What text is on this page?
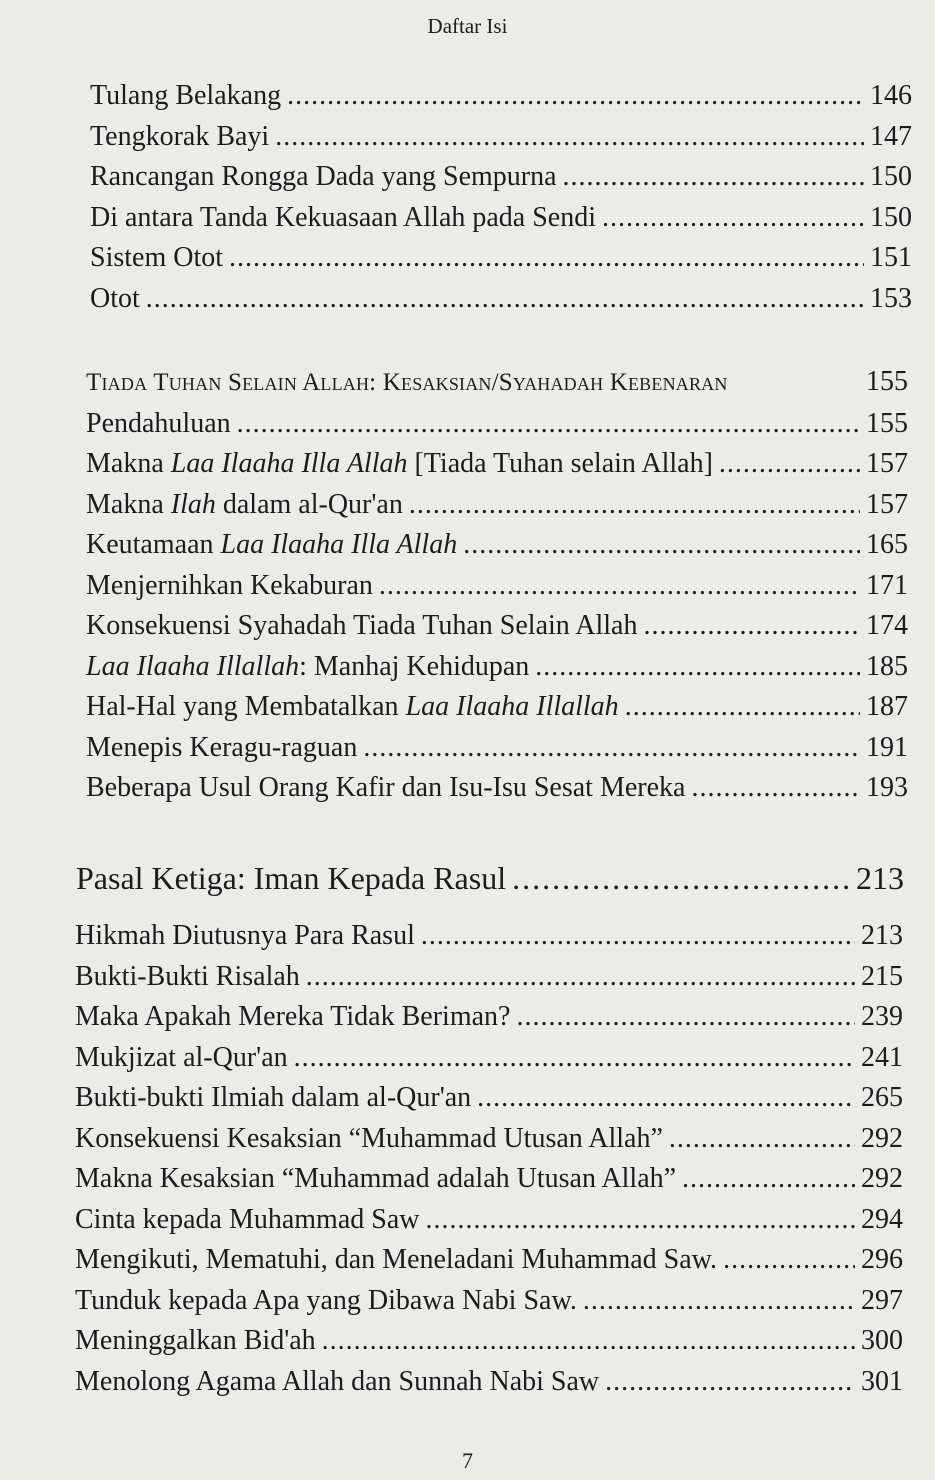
Daftar Isi
Tulang Belakang . . .	146
Tengkorak Bayi . . .	147
Rancangan Rongga Dada yang Sempurna . . .	150
Di antara Tanda Kekuasaan Allah pada Sendi . . .	150
Sistem Otot . . .	151
Otot . . .	153
Tiada Tuhan Selain Allah: Kesaksian/Syahadah Kebenaran	155
Pendahuluan . . .	155
Makna Laa Ilaaha Illa Allah [Tiada Tuhan selain Allah] . . .	157
Makna Ilah dalam al-Qur'an . . .	157
Keutamaan Laa Ilaaha Illa Allah . . .	165
Menjernihkan Kekaburan . . .	171
Konsekuensi Syahadah Tiada Tuhan Selain Allah . . .	174
Laa Ilaaha Illallah: Manhaj Kehidupan . . .	185
Hal-Hal yang Membatalkan Laa Ilaaha Illallah . . .	187
Menepis Keragu-raguan . . .	191
Beberapa Usul Orang Kafir dan Isu-Isu Sesat Mereka . . .	193
Pasal Ketiga: Iman Kepada Rasul . . .	213
Hikmah Diutusnya Para Rasul . . .	213
Bukti-Bukti Risalah . . .	215
Maka Apakah Mereka Tidak Beriman? . . .	239
Mukjizat al-Qur'an . . .	241
Bukti-bukti Ilmiah dalam al-Qur'an . . .	265
Konsekuensi Kesaksian “Muhammad Utusan Allah” . . .	292
Makna Kesaksian “Muhammad adalah Utusan Allah” . . .	292
Cinta kepada Muhammad Saw . . .	294
Mengikuti, Mematuhi, dan Meneladani Muhammad Saw. . . .	296
Tunduk kepada Apa yang Dibawa Nabi Saw. . . .	297
Meninggalkan Bid'ah . . .	300
Menolong Agama Allah dan Sunnah Nabi Saw . . .	301
7
